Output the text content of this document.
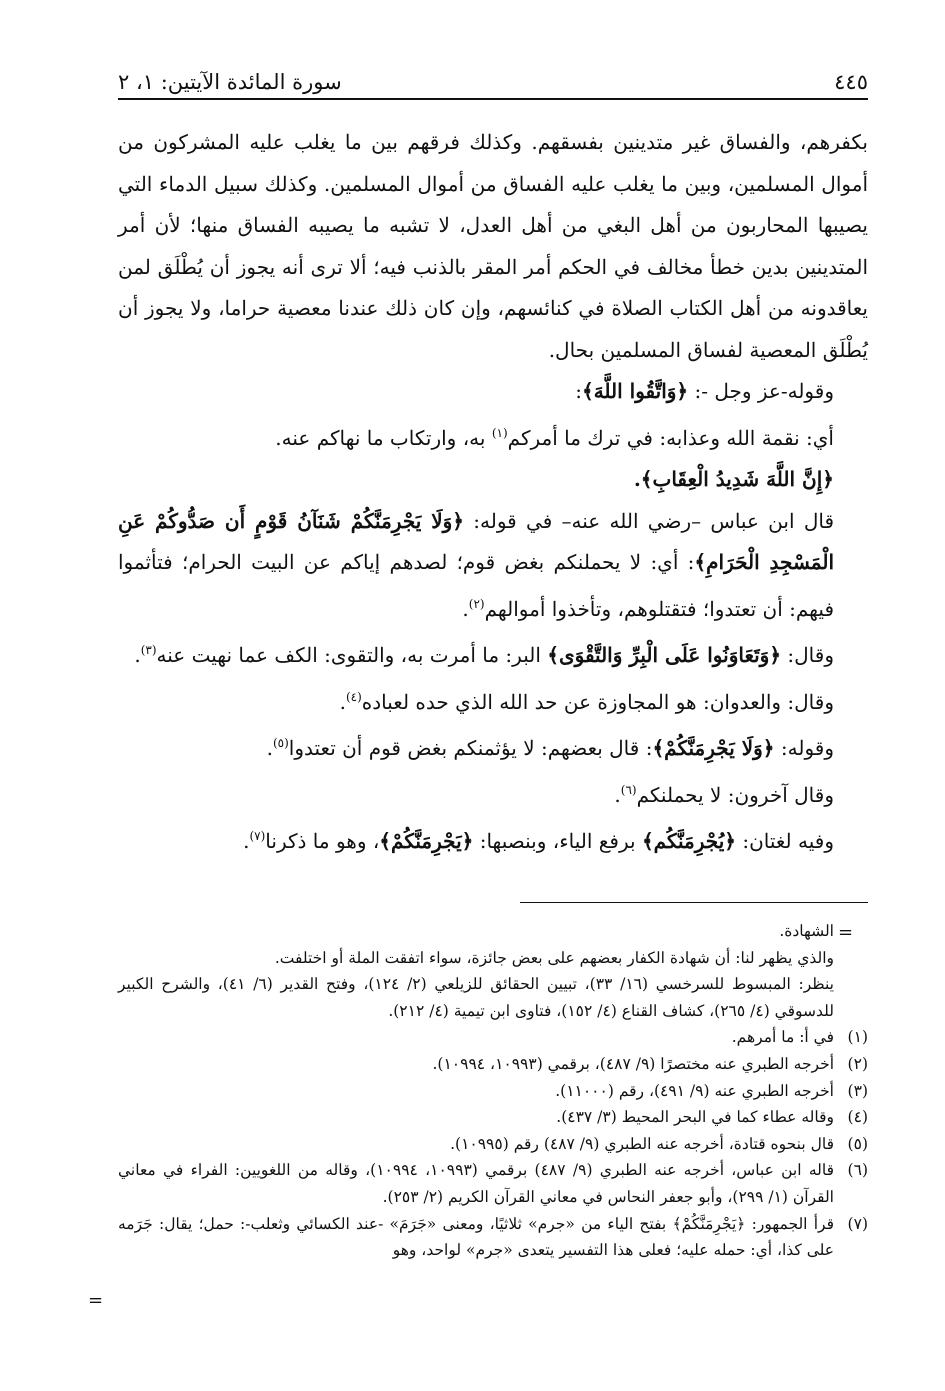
سورة المائدة الآيتين: ١، ٢	٤٤٥

بكفرهم، والفساق غير متدينين بفسقهم. وكذلك فرقهم بين ما يغلب عليه المشركون من أموال المسلمين، وبين ما يغلب عليه الفساق من أموال المسلمين. وكذلك سبيل الدماء التي يصيبها المحاربون من أهل البغي من أهل العدل، لا تشبه ما يصيبه الفساق منها؛ لأن أمر المتدينين بدين خطأ مخالف في الحكم أمر المقر بالذنب فيه؛ ألا ترى أنه يجوز أن يُطْلَق لمن يعاقدونه من أهل الكتاب الصلاة في كنائسهم، وإن كان ذلك عندنا معصية حراما، ولا يجوز أن يُطْلَق المعصية لفساق المسلمين بحال.

وقوله-عز وجل -: ﴿وَاتَّقُوا اللَّهَ﴾:

أي: نقمة الله وعذابه: في ترك ما أمركم$^{(١)}$ به، وارتكاب ما نهاكم عنه.

﴿إِنَّ اللَّهَ شَدِيدُ الْعِقَابِ﴾.

قال ابن عباس –رضي الله عنه– في قوله: ﴿وَلَا يَجْرِمَنَّكُمْ شَنَآنُ قَوْمٍ أَن صَدُّوكُمْ عَنِ الْمَسْجِدِ الْحَرَامِ﴾: أي: لا يحملنكم بغض قوم؛ لصدهم إياكم عن البيت الحرام؛ فتأثموا فيهم: أن تعتدوا؛ فتقتلوهم، وتأخذوا أموالهم$^{(٢)}$.

وقال: ﴿وَتَعَاوَنُوا عَلَى الْبِرِّ وَالتَّقْوَى﴾ البر: ما أمرت به، والتقوى: الكف عما نهيت عنه$^{(٣)}$.

وقال: والعدوان: هو المجاوزة عن حد الله الذي حده لعباده$^{(٤)}$.

وقوله: ﴿وَلَا يَجْرِمَنَّكُمْ﴾: قال بعضهم: لا يؤثمنكم بغض قوم أن تعتدوا$^{(٥)}$.

وقال آخرون: لا يحملنكم$^{(٦)}$.

وفيه لغتان: ﴿يُجْرِمَنَّكُم﴾ برفع الياء، وبنصبها: ﴿يَجْرِمَنَّكُمْ﴾، وهو ما ذكرنا$^{(٧)}$.

=
الشهادة.
والذي يظهر لنا: أن شهادة الكفار بعضهم على بعض جائزة، سواء اتفقت الملة أو اختلفت.
ينظر: المبسوط للسرخسي (١٦/ ٣٣)، تبيين الحقائق للزيلعي (٢/ ١٢٤)، وفتح القدير (٦/ ٤١)، والشرح الكبير للدسوقي (٤/ ٢٦٥)، كشاف القناع (٤/ ١٥٢)، فتاوى ابن تيمية (٤/ ٢١٢).
(١)
في أ: ما أمرهم.
(٢)
أخرجه الطبري عنه مختصرًا (٩/ ٤٨٧)، برقمي (١٠٩٩٣، ١٠٩٩٤).
(٣)
أخرجه الطبري عنه (٩/ ٤٩١)، رقم (١١٠٠٠).
(٤)
وقاله عطاء كما في البحر المحيط (٣/ ٤٣٧).
(٥)
قال بنحوه قتادة، أخرجه عنه الطبري (٩/ ٤٨٧) رقم (١٠٩٩٥).
(٦)
قاله ابن عباس، أخرجه عنه الطبري (٩/ ٤٨٧) برقمي (١٠٩٩٣، ١٠٩٩٤)، وقاله من اللغويين: الفراء في معاني القرآن (١/ ٢٩٩)، وأبو جعفر النحاس في معاني القرآن الكريم (٢/ ٢٥٣).
(٧)
قرأ الجمهور: ﴿يَجْرِمَنَّكُمْ﴾ بفتح الياء من «جرم» ثلاثيًا، ومعنى «جَرَمَ» -عند الكسائي وثعلب-: حمل؛ يقال: جَرَمه على كذا، أي: حمله عليه؛ فعلى هذا التفسير يتعدى «جرم» لواحد، وهو
=
